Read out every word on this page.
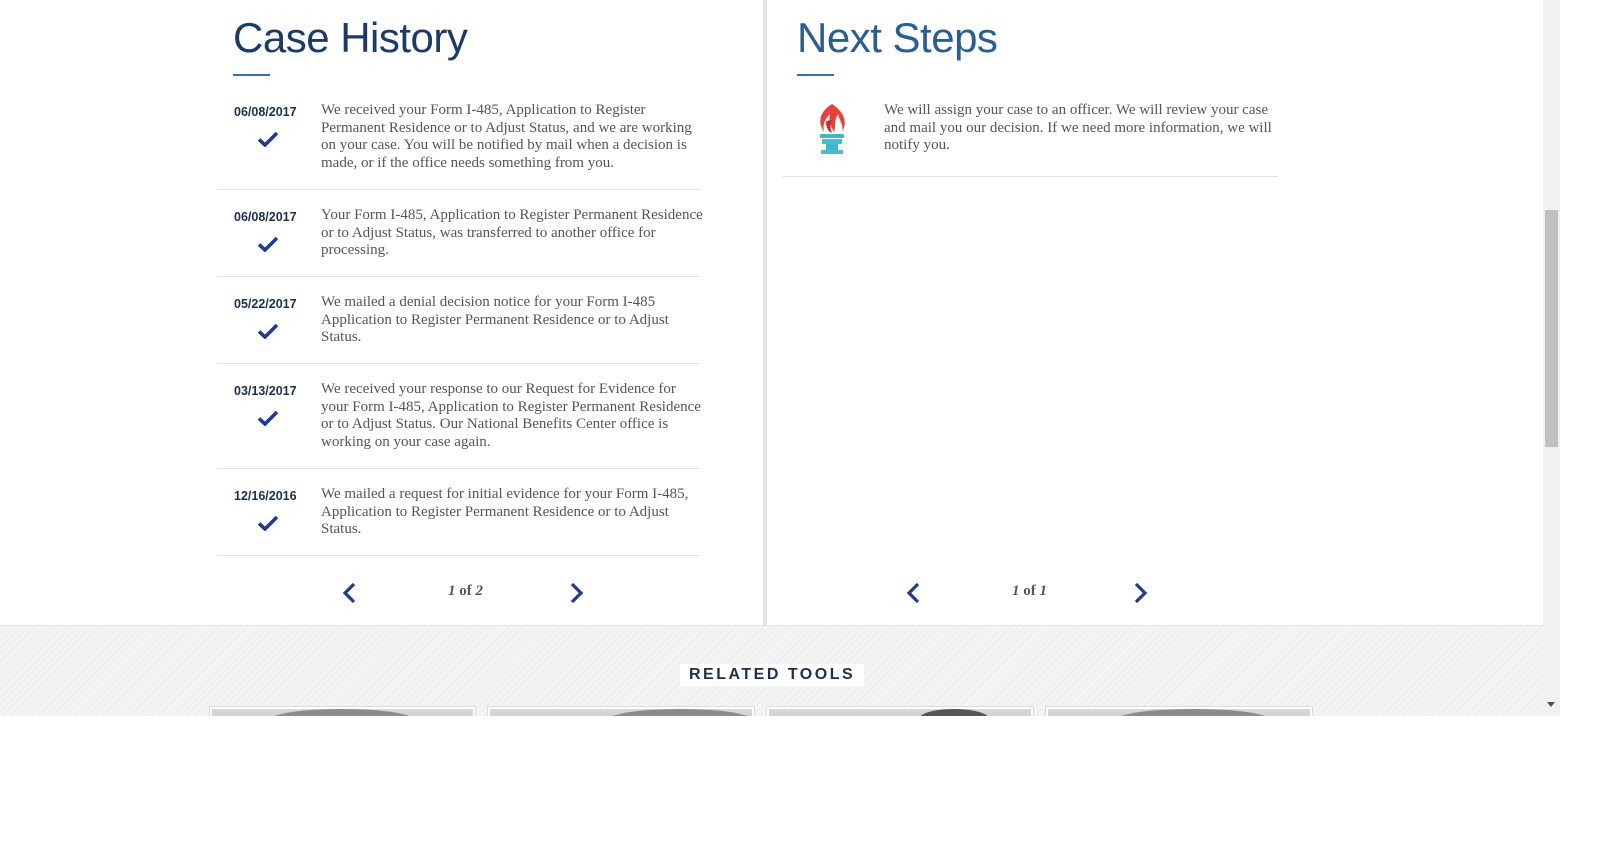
Case History
06/08/2017 We received your Form I-485, Application to Register Permanent Residence or to Adjust Status, and we are working on your case. You will be notified by mail when a decision is made, or if the office needs something from you.

06/08/2017 Your Form I-485, Application to Register Permanent Residence or to Adjust Status, was transferred to another office for processing.

05/22/2017 We mailed a denial decision notice for your Form I-485 Application to Register Permanent Residence or to Adjust Status.

03/13/2017 We received your response to our Request for Evidence for your Form I-485, Application to Register Permanent Residence or to Adjust Status. Our National Benefits Center office is working on your case again.

12/16/2016 We mailed a request for initial evidence for your Form I-485, Application to Register Permanent Residence or to Adjust Status.

1 of 2
Next Steps

We will assign your case to an officer. We will review your case and mail you our decision. If we need more information, we will notify you.

1 of 1
RELATED TOOLS
